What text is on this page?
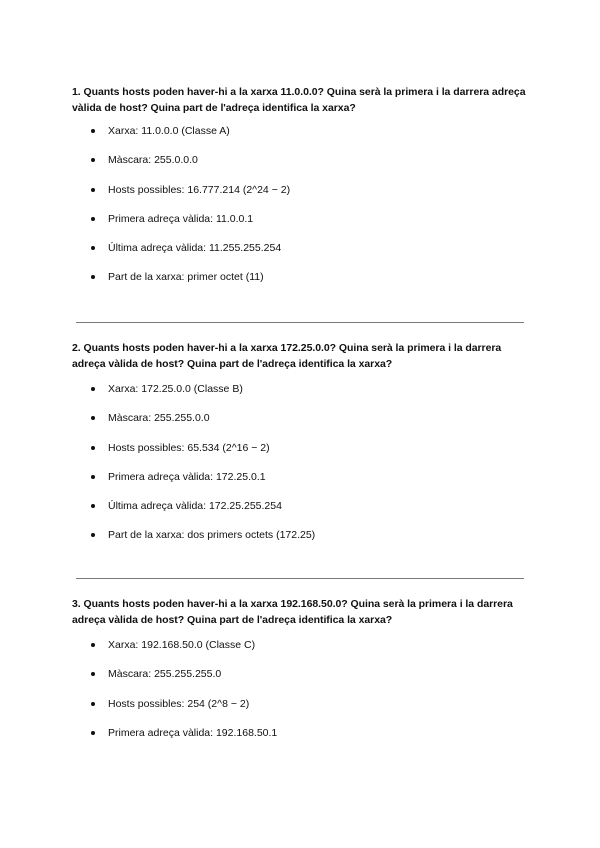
1. Quants hosts poden haver-hi a la xarxa 11.0.0.0? Quina serà la primera i la darrera adreça vàlida de host? Quina part de l'adreça identifica la xarxa?
Xarxa: 11.0.0.0 (Classe A)
Màscara: 255.0.0.0
Hosts possibles: 16.777.214 (2^24 − 2)
Primera adreça vàlida: 11.0.0.1
Última adreça vàlida: 11.255.255.254
Part de la xarxa: primer octet (11)
2. Quants hosts poden haver-hi a la xarxa 172.25.0.0? Quina serà la primera i la darrera adreça vàlida de host? Quina part de l'adreça identifica la xarxa?
Xarxa: 172.25.0.0 (Classe B)
Màscara: 255.255.0.0
Hosts possibles: 65.534 (2^16 − 2)
Primera adreça vàlida: 172.25.0.1
Última adreça vàlida: 172.25.255.254
Part de la xarxa: dos primers octets (172.25)
3. Quants hosts poden haver-hi a la xarxa 192.168.50.0? Quina serà la primera i la darrera adreça vàlida de host? Quina part de l'adreça identifica la xarxa?
Xarxa: 192.168.50.0 (Classe C)
Màscara: 255.255.255.0
Hosts possibles: 254 (2^8 − 2)
Primera adreça vàlida: 192.168.50.1
